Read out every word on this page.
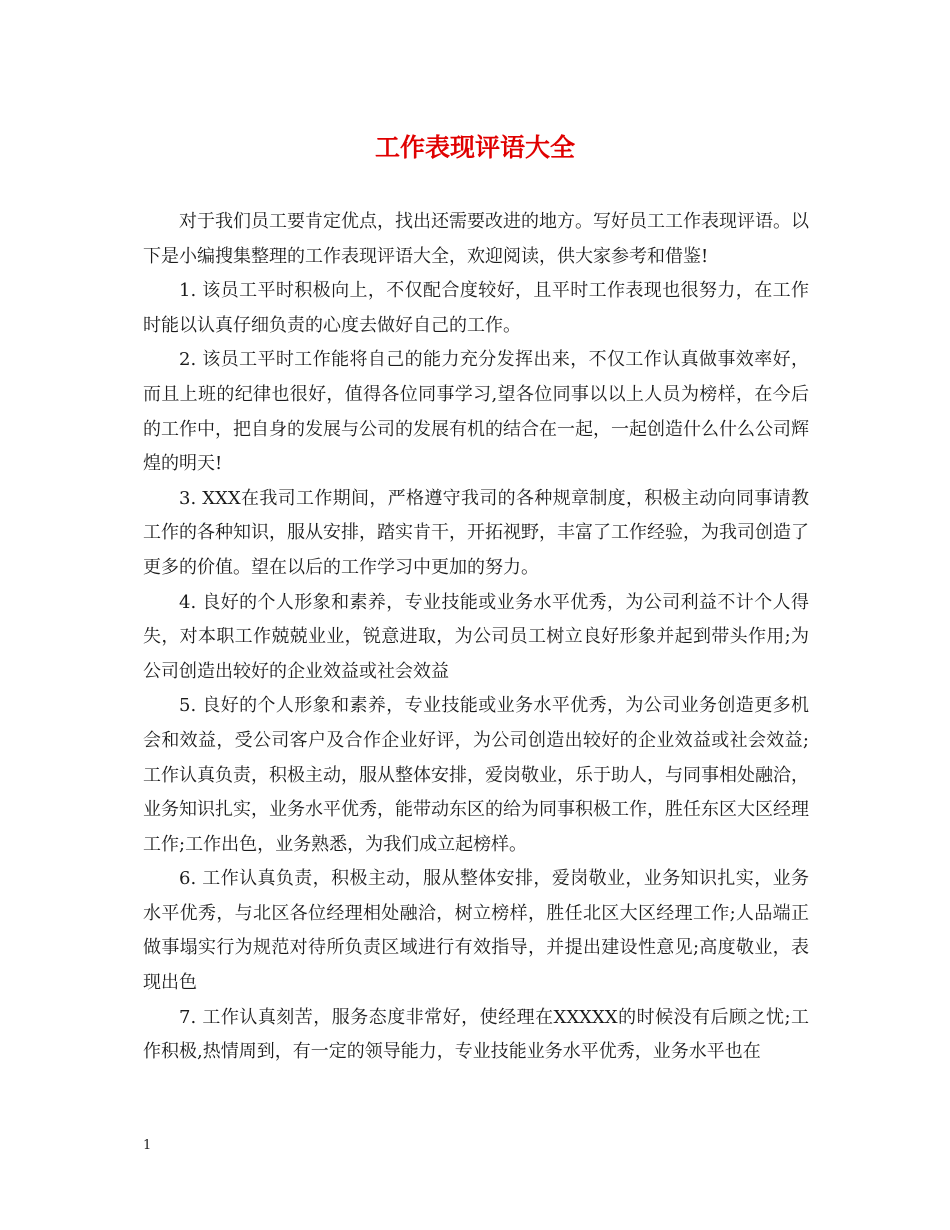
工作表现评语大全

对于我们员工要肯定优点，找出还需要改进的地方。写好员工工作表现评语。以下是小编搜集整理的工作表现评语大全，欢迎阅读，供大家参考和借鉴!

1. 该员工平时积极向上，不仅配合度较好，且平时工作表现也很努力，在工作时能以认真仔细负责的心度去做好自己的工作。

2. 该员工平时工作能将自己的能力充分发挥出来，不仅工作认真做事效率好，而且上班的纪律也很好，值得各位同事学习,望各位同事以以上人员为榜样，在今后的工作中，把自身的发展与公司的发展有机的结合在一起，一起创造什么什么公司辉煌的明天!

3. XXX在我司工作期间，严格遵守我司的各种规章制度，积极主动向同事请教工作的各种知识，服从安排，踏实肯干，开拓视野，丰富了工作经验，为我司创造了更多的价值。望在以后的工作学习中更加的努力。

4. 良好的个人形象和素养，专业技能或业务水平优秀，为公司利益不计个人得失，对本职工作兢兢业业，锐意进取，为公司员工树立良好形象并起到带头作用;为公司创造出较好的企业效益或社会效益

5. 良好的个人形象和素养，专业技能或业务水平优秀，为公司业务创造更多机会和效益，受公司客户及合作企业好评，为公司创造出较好的企业效益或社会效益;工作认真负责，积极主动，服从整体安排，爱岗敬业，乐于助人，与同事相处融洽，业务知识扎实，业务水平优秀，能带动东区的给为同事积极工作，胜任东区大区经理工作;工作出色，业务熟悉，为我们成立起榜样。

6. 工作认真负责，积极主动，服从整体安排，爱岗敬业，业务知识扎实，业务水平优秀，与北区各位经理相处融洽，树立榜样，胜任北区大区经理工作;人品端正做事塌实行为规范对待所负责区域进行有效指导，并提出建设性意见;高度敬业，表现出色

7. 工作认真刻苦，服务态度非常好，使经理在XXXXX的时候没有后顾之忧;工作积极,热情周到，有一定的领导能力，专业技能业务水平优秀，业务水平也在

1
